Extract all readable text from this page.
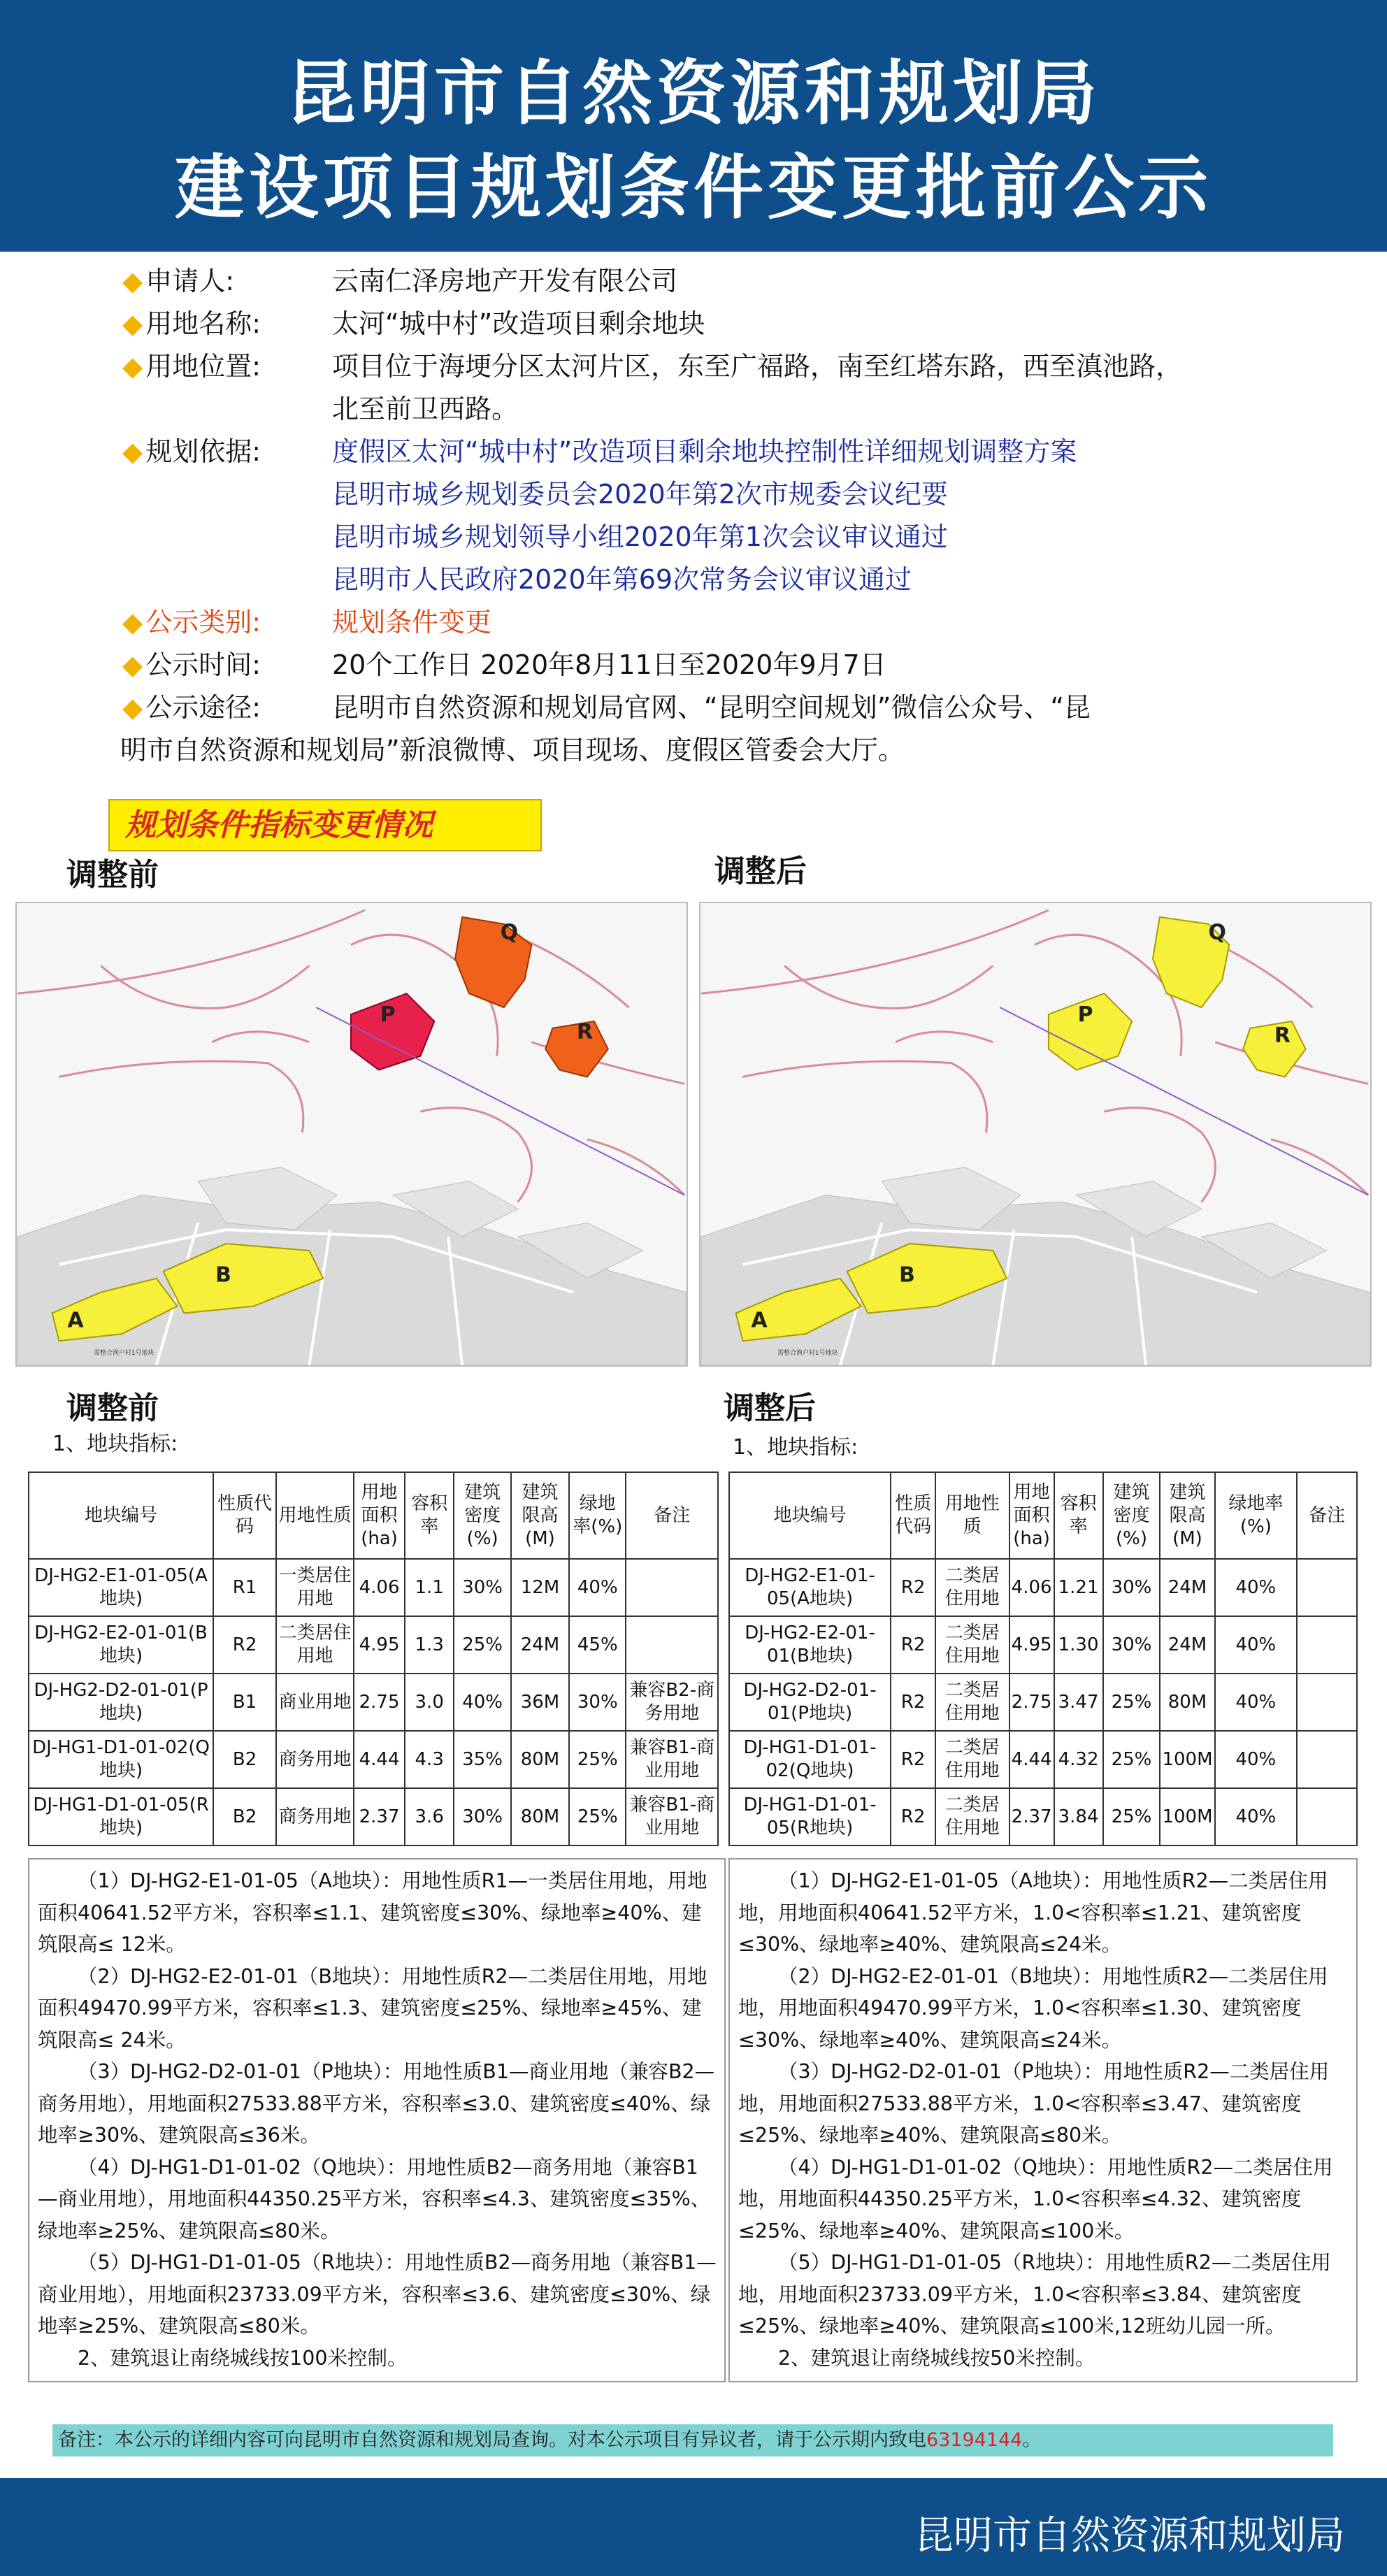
昆明市自然资源和规划局
建设项目规划条件变更批前公示
◆ 申请人:	云南仁泽房地产开发有限公司
◆ 用地名称:	太河“城中村”改造项目剩余地块
◆ 用地位置:	项目位于海埂分区太河片区，东至广福路，南至红塔东路，西至滇池路，
北至前卫西路。
◆ 规划依据:	度假区太河“城中村”改造项目剩余地块控制性详细规划调整方案
昆明市城乡规划委员会2020年第2次市规委会议纪要
昆明市城乡规划领导小组2020年第1次会议审议通过
昆明市人民政府2020年第69次常务会议审议通过
◆ 公示类别:	规划条件变更
◆ 公示时间:	20个工作日 2020年8月11日至2020年9月7日
◆ 公示途径:	昆明市自然资源和规划局官网、“昆明空间规划”微信公众号、“昆
明市自然资源和规划局”新浪微博、项目现场、度假区管委会大厅。
规划条件指标变更情况
调整前	调整后
Q
R
P
B
A
需整合渔户村1号地块
Q
R
P
B
A
需整合渔户村1号地块
调整前	调整后
1、地块指标:	1、地块指标:
地块编号	性质代码	用地性质	用地面积(ha)	容积率	建筑密度(%)	建筑限高(M)	绿地率(%)	备注
DJ-HG2-E1-01-05(A地块)	R1	一类居住用地	4.06	1.1	30%	12M	40%	
DJ-HG2-E2-01-01(B地块)	R2	二类居住用地	4.95	1.3	25%	24M	45%	
DJ-HG2-D2-01-01(P地块)	B1	商业用地	2.75	3.0	40%	36M	30%	兼容B2-商务用地
DJ-HG1-D1-01-02(Q地块)	B2	商务用地	4.44	4.3	35%	80M	25%	兼容B1-商业用地
DJ-HG1-D1-01-05(R地块)	B2	商务用地	2.37	3.6	30%	80M	25%	兼容B1-商业用地
地块编号	性质代码	用地性质	用地面积(ha)	容积率	建筑密度(%)	建筑限高(M)	绿地率(%)	备注
DJ-HG2-E1-01-05(A地块)	R2	二类居住用地	4.06	1.21	30%	24M	40%	
DJ-HG2-E2-01-01(B地块)	R2	二类居住用地	4.95	1.30	30%	24M	40%	
DJ-HG2-D2-01-01(P地块)	R2	二类居住用地	2.75	3.47	25%	80M	40%	
DJ-HG1-D1-01-02(Q地块)	R2	二类居住用地	4.44	4.32	25%	100M	40%	
DJ-HG1-D1-01-05(R地块)	R2	二类居住用地	2.37	3.84	25%	100M	40%	

（1）DJ-HG2-E1-01-05（A地块）：用地性质R1—一类居住用地，用地面积40641.52平方米，容积率≤1.1、建筑密度≤30%、绿地率≥40%、建筑限高≤ 12米。

（2）DJ-HG2-E2-01-01（B地块）：用地性质R2—二类居住用地，用地面积49470.99平方米，容积率≤1.3、建筑密度≤25%、绿地率≥45%、建筑限高≤ 24米。

（3）DJ-HG2-D2-01-01（P地块）：用地性质B1—商业用地（兼容B2—商务用地），用地面积27533.88平方米，容积率≤3.0、建筑密度≤40%、绿地率≥30%、建筑限高≤36米。

（4）DJ-HG1-D1-01-02（Q地块）：用地性质B2—商务用地（兼容B1—商业用地），用地面积44350.25平方米，容积率≤4.3、建筑密度≤35%、绿地率≥25%、建筑限高≤80米。

（5）DJ-HG1-D1-01-05（R地块）：用地性质B2—商务用地（兼容B1—商业用地），用地面积23733.09平方米，容积率≤3.6、建筑密度≤30%、绿地率≥25%、建筑限高≤80米。

2、建筑退让南绕城线按100米控制。

（1）DJ-HG2-E1-01-05（A地块）：用地性质R2—二类居住用地，用地面积40641.52平方米，1.0<容积率≤1.21、建筑密度≤30%、绿地率≥40%、建筑限高≤24米。

（2）DJ-HG2-E2-01-01（B地块）：用地性质R2—二类居住用地，用地面积49470.99平方米，1.0<容积率≤1.30、建筑密度≤30%、绿地率≥40%、建筑限高≤24米。

（3）DJ-HG2-D2-01-01（P地块）：用地性质R2—二类居住用地，用地面积27533.88平方米，1.0<容积率≤3.47、建筑密度≤25%、绿地率≥40%、建筑限高≤80米。

（4）DJ-HG1-D1-01-02（Q地块）：用地性质R2—二类居住用地，用地面积44350.25平方米，1.0<容积率≤4.32、建筑密度≤25%、绿地率≥40%、建筑限高≤100米。

（5）DJ-HG1-D1-01-05（R地块）：用地性质R2—二类居住用地，用地面积23733.09平方米，1.0<容积率≤3.84、建筑密度≤25%、绿地率≥40%、建筑限高≤100米,12班幼儿园一所。

2、建筑退让南绕城线按50米控制。

备注：本公示的详细内容可向昆明市自然资源和规划局查询。对本公示项目有异议者，请于公示期内致电63194144。
昆明市自然资源和规划局
